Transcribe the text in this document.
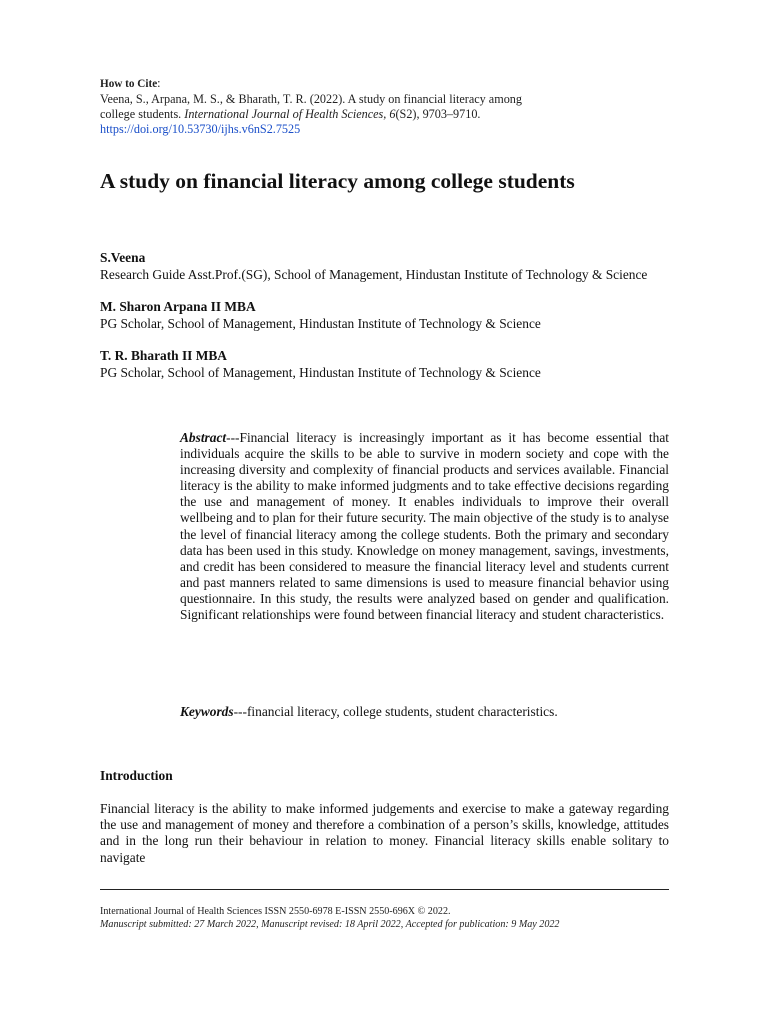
How to Cite:
Veena, S., Arpana, M. S., & Bharath, T. R. (2022). A study on financial literacy among
college students. International Journal of Health Sciences, 6(S2), 9703–9710.
https://doi.org/10.53730/ijhs.v6nS2.7525
A study on financial literacy among college students
S.Veena
Research Guide Asst.Prof.(SG), School of Management, Hindustan Institute of Technology & Science
M. Sharon Arpana II MBA
PG Scholar, School of Management, Hindustan Institute of Technology & Science
T. R. Bharath II MBA
PG Scholar, School of Management, Hindustan Institute of Technology & Science

Abstract---Financial literacy is increasingly important as it has become essential that individuals acquire the skills to be able to survive in modern society and cope with the increasing diversity and complexity of financial products and services available. Financial literacy is the ability to make informed judgments and to take effective decisions regarding the use and management of money. It enables individuals to improve their overall wellbeing and to plan for their future security. The main objective of the study is to analyse the level of financial literacy among the college students. Both the primary and secondary data has been used in this study. Knowledge on money management, savings, investments, and credit has been considered to measure the financial literacy level and students current and past manners related to same dimensions is used to measure financial behavior using questionnaire. In this study, the results were analyzed based on gender and qualification. Significant relationships were found between financial literacy and student characteristics.

Keywords---financial literacy, college students, student characteristics.

Introduction

Financial literacy is the ability to make informed judgements and exercise to make a gateway regarding the use and management of money and therefore a combination of a person’s skills, knowledge, attitudes and in the long run their behaviour in relation to money. Financial literacy skills enable solitary to navigate

International Journal of Health Sciences ISSN 2550-6978 E-ISSN 2550-696X © 2022.
Manuscript submitted: 27 March 2022, Manuscript revised: 18 April 2022, Accepted for publication: 9 May 2022
